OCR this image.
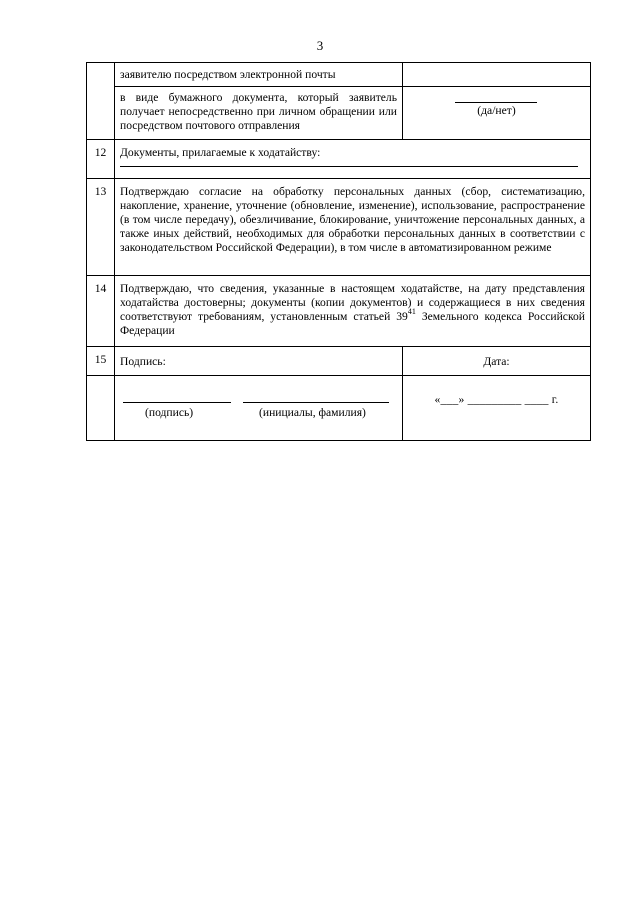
3

	заявителю посредством электронной почты	

	в виде бумажного документа, который заявитель получает непосредственно при личном обращении или посредством почтового отправления	(да/нет)

12	Документы, прилагаемые к ходатайству:	

13	Подтверждаю согласие на обработку персональных данных (сбор, систематизацию, накопление, хранение, уточнение (обновление, изменение), использование, распространение (в том числе передачу), обезличивание, блокирование, уничтожение персональных данных, а также иных действий, необходимых для обработки персональных данных в соответствии с законодательством Российской Федерации), в том числе в автоматизированном режиме	

14	Подтверждаю, что сведения, указанные в настоящем ходатайстве, на дату представления ходатайства достоверны; документы (копии документов) и содержащиеся в них сведения соответствуют требованиям, установленным статьей $39^{41}$ Земельного кодекса Российской Федерации	

15	Подпись:	Дата:

	(подпись) (инициалы, фамилия)	«___» _________ ____ г.
